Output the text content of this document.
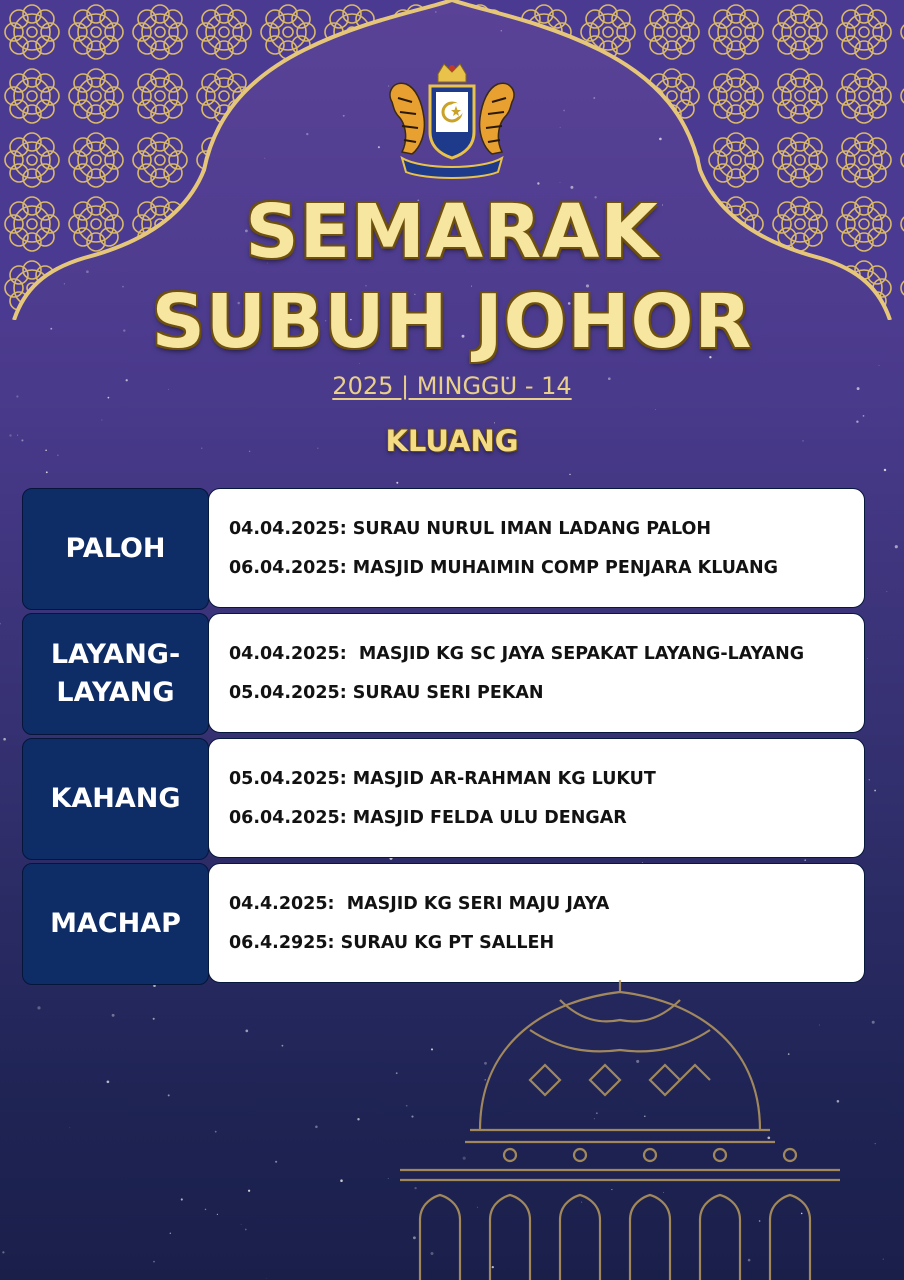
SEMARAK
SUBUH JOHOR
2025 | MINGGU - 14
KLUANG
PALOH
04.04.2025: SURAU NURUL IMAN LADANG PALOH
06.04.2025: MASJID MUHAIMIN COMP PENJARA KLUANG
LAYANG-
LAYANG
04.04.2025:  MASJID KG SC JAYA SEPAKAT LAYANG-LAYANG
05.04.2025: SURAU SERI PEKAN
KAHANG
05.04.2025: MASJID AR-RAHMAN KG LUKUT
06.04.2025: MASJID FELDA ULU DENGAR
MACHAP
04.4.2025:  MASJID KG SERI MAJU JAYA
06.4.2925: SURAU KG PT SALLEH
